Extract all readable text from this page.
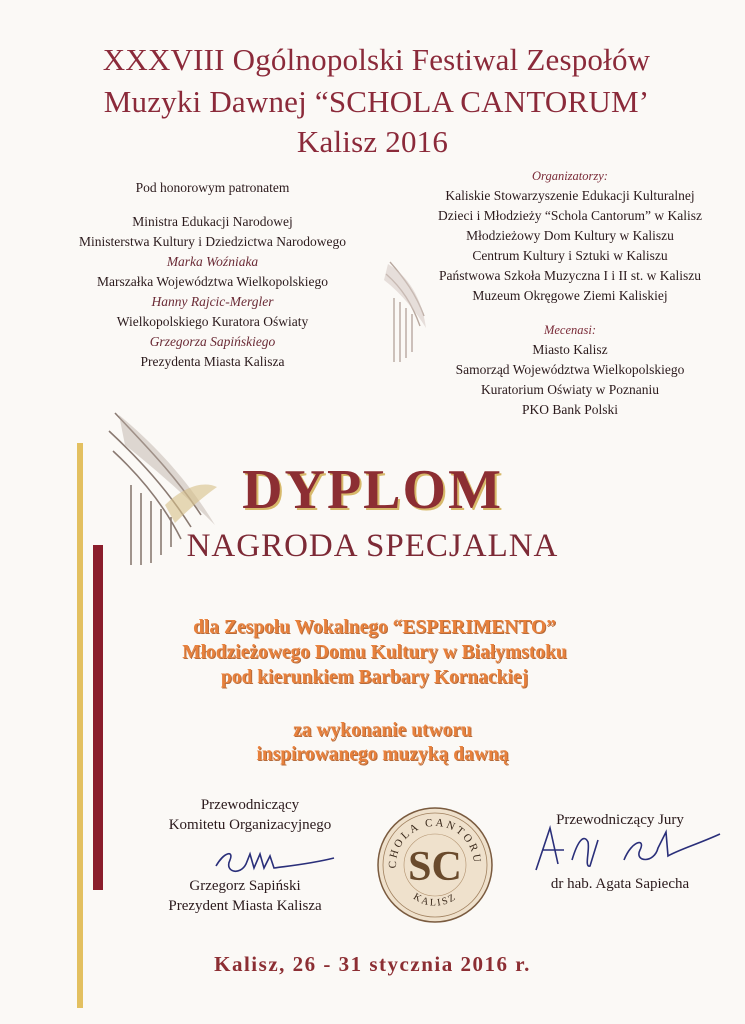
XXXVIII Ogólnopolski Festiwal Zespołów
Muzyki Dawnej “SCHOLA CANTORUM’
Kalisz 2016
Pod honorowym patronatem
Ministra Edukacji Narodowej
Ministerstwa Kultury i Dziedzictwa Narodowego
Marka Woźniaka
Marszałka Województwa Wielkopolskiego
Hanny Rajcic-Mergler
Wielkopolskiego Kuratora Oświaty
Grzegorza Sapińskiego
Prezydenta Miasta Kalisza
Organizatorzy:
Kaliskie Stowarzyszenie Edukacji Kulturalnej
Dzieci i Młodzieży “Schola Cantorum” w Kalisz
Młodzieżowy Dom Kultury w Kaliszu
Centrum Kultury i Sztuki w Kaliszu
Państwowa Szkoła Muzyczna I i II st. w Kaliszu
Muzeum Okręgowe Ziemi Kaliskiej
Mecenasi:
Miasto Kalisz
Samorząd Województwa Wielkopolskiego
Kuratorium Oświaty w Poznaniu
PKO Bank Polski
DYPLOM
NAGRODA SPECJALNA
dla Zespołu Wokalnego “ESPERIMENTO”
Młodzieżowego Domu Kultury w Białymstoku
pod kierunkiem Barbary Kornackiej
za wykonanie utworu
inspirowanego muzyką dawną
Przewodniczący
Komitetu Organizacyjnego
Grzegorz Sapiński
Prezydent Miasta Kalisza
SCHOLA CANTORUM
KALISZ
SC
Przewodniczący Jury
dr hab. Agata Sapiecha
Kalisz, 26 - 31 stycznia 2016 r.
